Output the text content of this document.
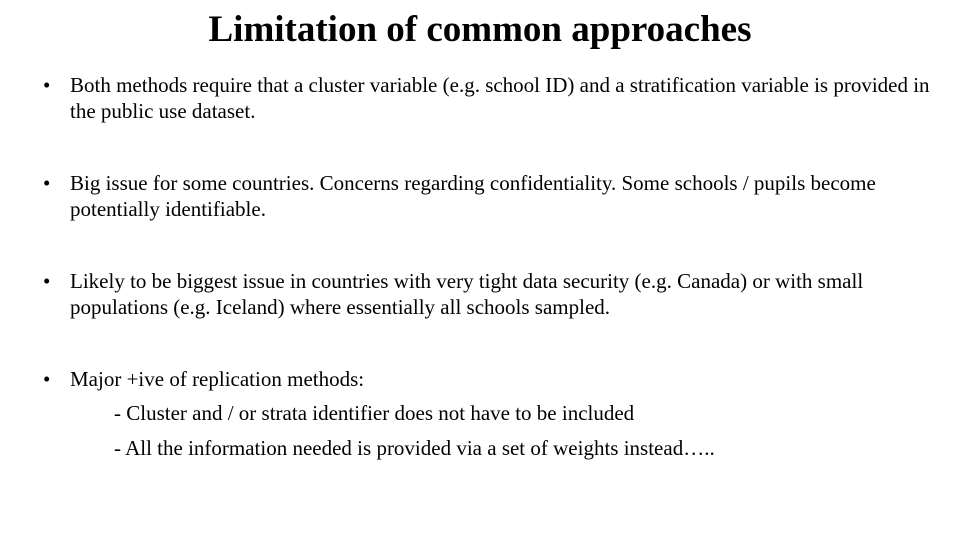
Limitation of common approaches
• Both methods require that a cluster variable (e.g. school ID) and a stratification variable is provided in the public use dataset.
• Big issue for some countries. Concerns regarding confidentiality. Some schools / pupils become potentially identifiable.
• Likely to be biggest issue in countries with very tight data security (e.g. Canada) or with small populations (e.g. Iceland) where essentially all schools sampled.
• Major +ive of replication methods:
- Cluster and / or strata identifier does not have to be included
- All the information needed is provided via a set of weights instead…..
